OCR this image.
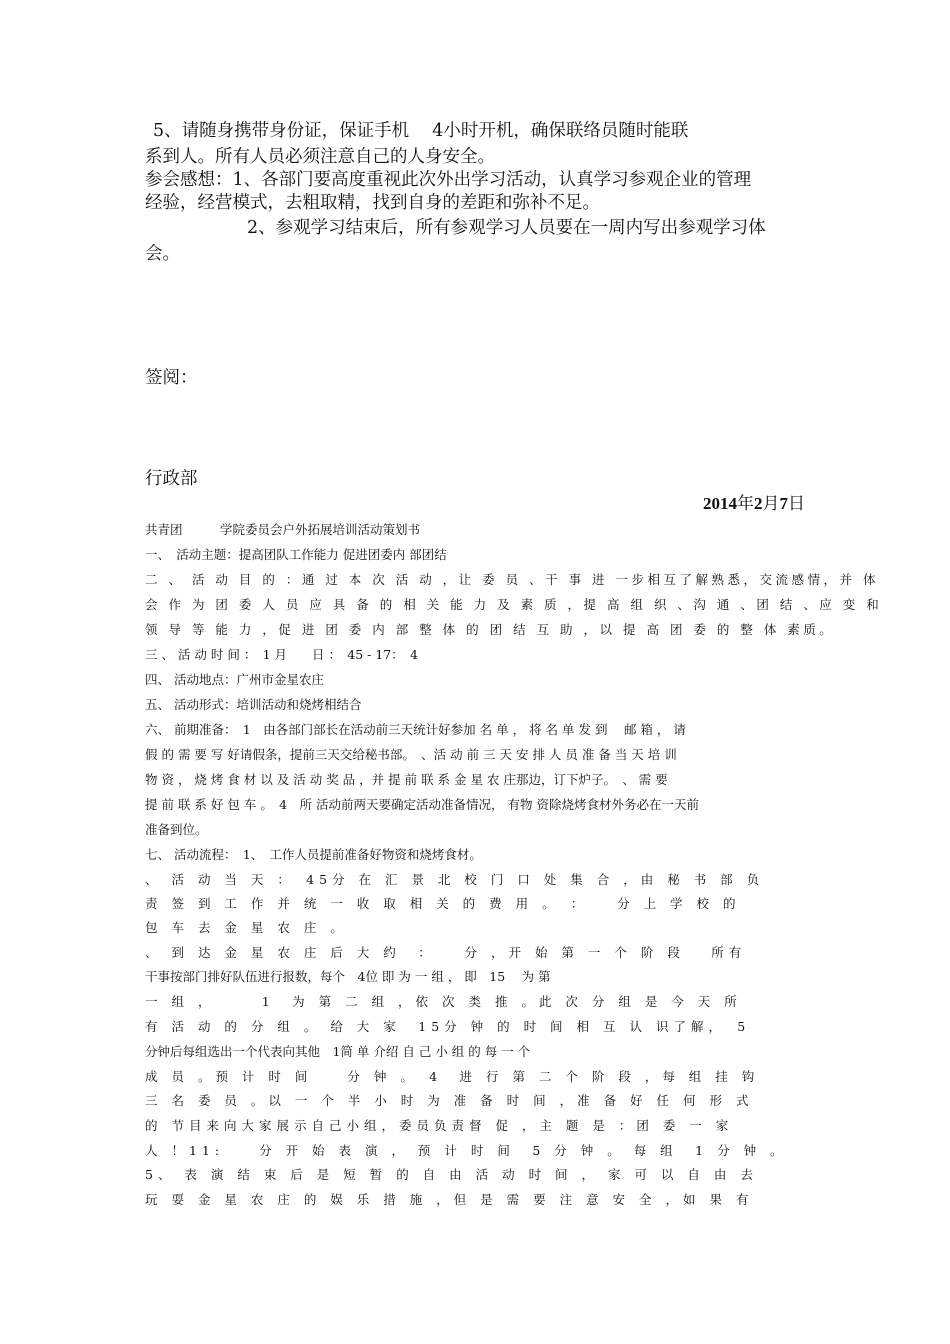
5、请随身携带身份证，保证手机　 4小时开机，确保联络员随时能联
系到人。所有人员必须注意自己的人身安全。
参会感想：1、各部门要高度重视此次外出学习活动，认真学习参观企业的管理
经验，经营模式，去粗取精，找到自身的差距和弥补不足。
2、参观学习结束后，所有参观学习人员要在一周内写出参观学习体
会。
签阅：
行政部
2014年2月7日
共青团　　　学院委员会户外拓展培训活动策划书
一、　活动主题：提高团队工作能力 促进团委内 部团结
二 、 活 动 目 的 ：通 过 本 次 活 动 ，让 委 员 、干 事 进 一步相互了解熟悉，交流感情，并 体
会 作 为 团 委 人 员 应 具 备 的 相 关 能 力 及 素 质 ，提 高 组 织 、沟 通 、团 结 、应 变 和
领 导 等 能 力 ，促 进 团 委 内 部 整 体 的 团 结 互 助 ，以 提 高 团 委 的 整 体 素质。
三 、 活 动 时 间 ：　1 月　　日 ：　45 - 17：　4
四、 活动地点：广州市金星农庄
五、 活动形式：培训活动和烧烤相结合
六、 前期准备：　1　由各部门部长在活动前三天统计好参加 名 单 ， 将 名 单 发 到　 邮 箱 ， 请
假 的 需 要 写 好请假条，提前三天交给秘书部。　、活 动 前 三 天 安 排 人 员 准 备 当 天 培 训
物 资 ， 烧 烤 食 材 以 及 活 动 奖 品 ，并 提 前 联 系 金 星 农 庄那边，订下炉子。　、 需 要
提 前 联 系 好 包 车 。　4　所 活动前两天要确定活动准备情况， 有物 资除烧烤食材外务必在一天前
准备到位。
七、 活动流程：　1、　工作人员提前准备好物资和烧烤食材。
、 活 动 当 天 ：　45分 在 汇 景 北 校 门 口 处 集 合 ，由 秘 书 部 负
责 签 到 工 作 并 统 一 收 取 相 关 的 费 用 。　：　　分 上 学 校 的
包 车 去 金 星 农 庄 。
、 到 达 金 星 农 庄 后 大 约　：　　分 ，开 始 第 一 个 阶 段　 所有
干事按部门排好队伍进行报数，每个　4位 即 为 一 组 ， 即　15　 为 第
一 组 ，　　　1　为 第 二 组 ，依 次 类 推 。此 次 分 组 是 今 天 所
有 活 动 的 分 组 。 给 大 家　15分 钟 的 时 间 相 互 认 识了解，　5
分钟后每组选出一个代表向其他　1简 单 介绍 自 己 小 组 的 每 一 个
成 员 。预 计 时 间　　分 钟 。　4　进 行 第 二 个 阶 段 ，每 组 挂 钩
三 名 委 员 。以 一 个 半 小 时 为 准 备 时 间 ，准 备 好 任 何 形 式
的 节目来向大家展示自己小组，委员负责督 促 ，主 题 是 ：团 委 一 家
人 ！11:　　分 开 始 表 演 ， 预 计 时 间　5 分 钟 。 每 组　1 分 钟 。
5、 表 演 结 束 后 是 短 暂 的 自 由 活 动 时 间 ， 家 可 以 自 由 去
玩 耍 金 星 农 庄 的 娱 乐 措 施 ，但 是 需 要 注 意 安 全 ，如 果 有
